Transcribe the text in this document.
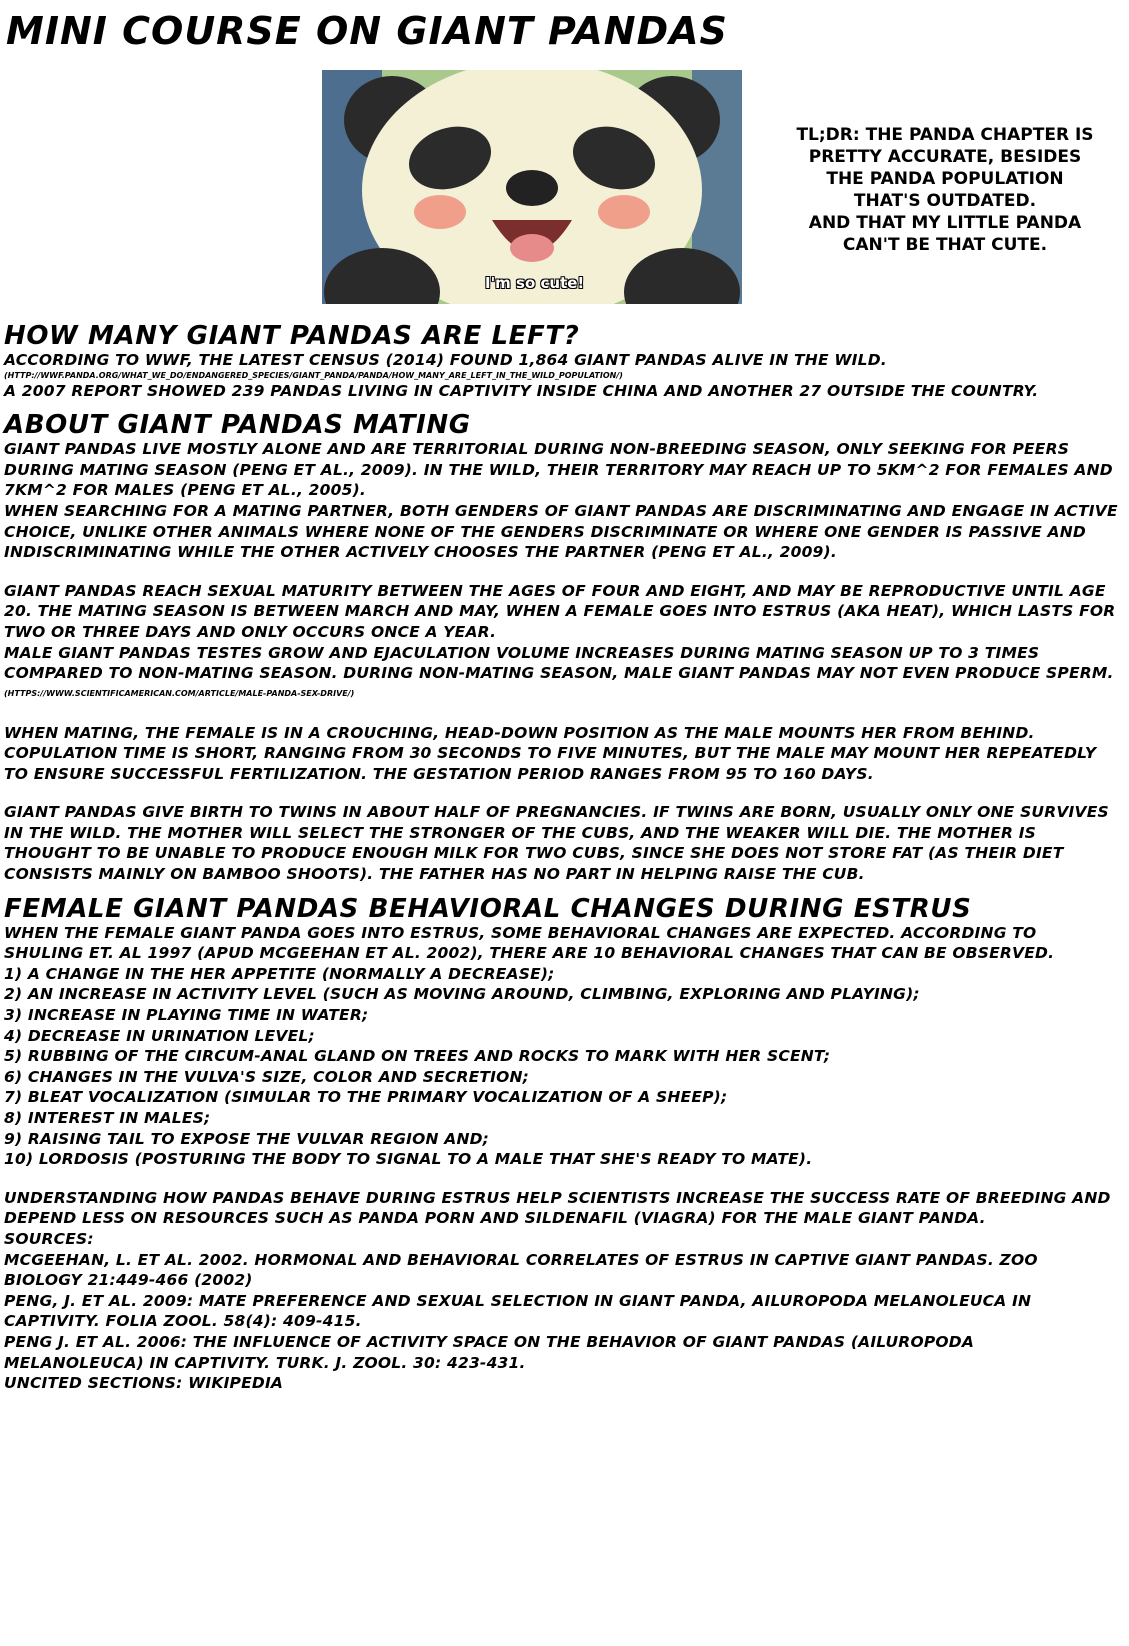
MINI COURSE ON GIANT PANDAS
I'm so cute!
TL;DR: THE PANDA CHAPTER IS
PRETTY ACCURATE, BESIDES
THE PANDA POPULATION
THAT'S OUTDATED.
AND THAT MY LITTLE PANDA
CAN'T BE THAT CUTE.
HOW MANY GIANT PANDAS ARE LEFT?

ACCORDING TO WWF, THE LATEST CENSUS (2014) FOUND 1,864 GIANT PANDAS ALIVE IN THE WILD.

(HTTP://WWF.PANDA.ORG/WHAT_WE_DO/ENDANGERED_SPECIES/GIANT_PANDA/PANDA/HOW_MANY_ARE_LEFT_IN_THE_WILD_POPULATION/)

A 2007 REPORT SHOWED 239 PANDAS LIVING IN CAPTIVITY INSIDE CHINA AND ANOTHER 27 OUTSIDE THE COUNTRY.

ABOUT GIANT PANDAS MATING

GIANT PANDAS LIVE MOSTLY ALONE AND ARE TERRITORIAL DURING NON-BREEDING SEASON, ONLY SEEKING FOR PEERS DURING MATING SEASON (PENG ET AL., 2009). IN THE WILD, THEIR TERRITORY MAY REACH UP TO 5KM^2 FOR FEMALES AND 7KM^2 FOR MALES (PENG ET AL., 2005).

WHEN SEARCHING FOR A MATING PARTNER, BOTH GENDERS OF GIANT PANDAS ARE DISCRIMINATING AND ENGAGE IN ACTIVE CHOICE, UNLIKE OTHER ANIMALS WHERE NONE OF THE GENDERS DISCRIMINATE OR WHERE ONE GENDER IS PASSIVE AND INDISCRIMINATING WHILE THE OTHER ACTIVELY CHOOSES THE PARTNER (PENG ET AL., 2009).

GIANT PANDAS REACH SEXUAL MATURITY BETWEEN THE AGES OF FOUR AND EIGHT, AND MAY BE REPRODUCTIVE UNTIL AGE 20. THE MATING SEASON IS BETWEEN MARCH AND MAY, WHEN A FEMALE GOES INTO ESTRUS (AKA HEAT), WHICH LASTS FOR TWO OR THREE DAYS AND ONLY OCCURS ONCE A YEAR.

MALE GIANT PANDAS TESTES GROW AND EJACULATION VOLUME INCREASES DURING MATING SEASON UP TO 3 TIMES COMPARED TO NON-MATING SEASON. DURING NON-MATING SEASON, MALE GIANT PANDAS MAY NOT EVEN PRODUCE SPERM. (HTTPS://WWW.SCIENTIFICAMERICAN.COM/ARTICLE/MALE-PANDA-SEX-DRIVE/)

WHEN MATING, THE FEMALE IS IN A CROUCHING, HEAD-DOWN POSITION AS THE MALE MOUNTS HER FROM BEHIND. COPULATION TIME IS SHORT, RANGING FROM 30 SECONDS TO FIVE MINUTES, BUT THE MALE MAY MOUNT HER REPEATEDLY TO ENSURE SUCCESSFUL FERTILIZATION. THE GESTATION PERIOD RANGES FROM 95 TO 160 DAYS.

GIANT PANDAS GIVE BIRTH TO TWINS IN ABOUT HALF OF PREGNANCIES. IF TWINS ARE BORN, USUALLY ONLY ONE SURVIVES IN THE WILD. THE MOTHER WILL SELECT THE STRONGER OF THE CUBS, AND THE WEAKER WILL DIE. THE MOTHER IS THOUGHT TO BE UNABLE TO PRODUCE ENOUGH MILK FOR TWO CUBS, SINCE SHE DOES NOT STORE FAT (AS THEIR DIET CONSISTS MAINLY ON BAMBOO SHOOTS). THE FATHER HAS NO PART IN HELPING RAISE THE CUB.

FEMALE GIANT PANDAS BEHAVIORAL CHANGES DURING ESTRUS

WHEN THE FEMALE GIANT PANDA GOES INTO ESTRUS, SOME BEHAVIORAL CHANGES ARE EXPECTED. ACCORDING TO SHULING ET. AL 1997 (APUD MCGEEHAN ET AL. 2002), THERE ARE 10 BEHAVIORAL CHANGES THAT CAN BE OBSERVED.

1) A CHANGE IN THE HER APPETITE (NORMALLY A DECREASE);

2) AN INCREASE IN ACTIVITY LEVEL (SUCH AS MOVING AROUND, CLIMBING, EXPLORING AND PLAYING);

3) INCREASE IN PLAYING TIME IN WATER;

4) DECREASE IN URINATION LEVEL;

5) RUBBING OF THE CIRCUM-ANAL GLAND ON TREES AND ROCKS TO MARK WITH HER SCENT;

6) CHANGES IN THE VULVA'S SIZE, COLOR AND SECRETION;

7) BLEAT VOCALIZATION (SIMULAR TO THE PRIMARY VOCALIZATION OF A SHEEP);

8) INTEREST IN MALES;

9) RAISING TAIL TO EXPOSE THE VULVAR REGION AND;

10) LORDOSIS (POSTURING THE BODY TO SIGNAL TO A MALE THAT SHE'S READY TO MATE).

UNDERSTANDING HOW PANDAS BEHAVE DURING ESTRUS HELP SCIENTISTS INCREASE THE SUCCESS RATE OF BREEDING AND DEPEND LESS ON RESOURCES SUCH AS PANDA PORN AND SILDENAFIL (VIAGRA) FOR THE MALE GIANT PANDA.

SOURCES:

MCGEEHAN, L. ET AL. 2002. HORMONAL AND BEHAVIORAL CORRELATES OF ESTRUS IN CAPTIVE GIANT PANDAS. ZOO BIOLOGY 21:449-466 (2002)

PENG, J. ET AL. 2009: MATE PREFERENCE AND SEXUAL SELECTION IN GIANT PANDA, AILUROPODA MELANOLEUCA IN CAPTIVITY. FOLIA ZOOL. 58(4): 409-415.

PENG J. ET AL. 2006: THE INFLUENCE OF ACTIVITY SPACE ON THE BEHAVIOR OF GIANT PANDAS (AILUROPODA MELANOLEUCA) IN CAPTIVITY. TURK. J. ZOOL. 30: 423-431.

UNCITED SECTIONS: WIKIPEDIA
